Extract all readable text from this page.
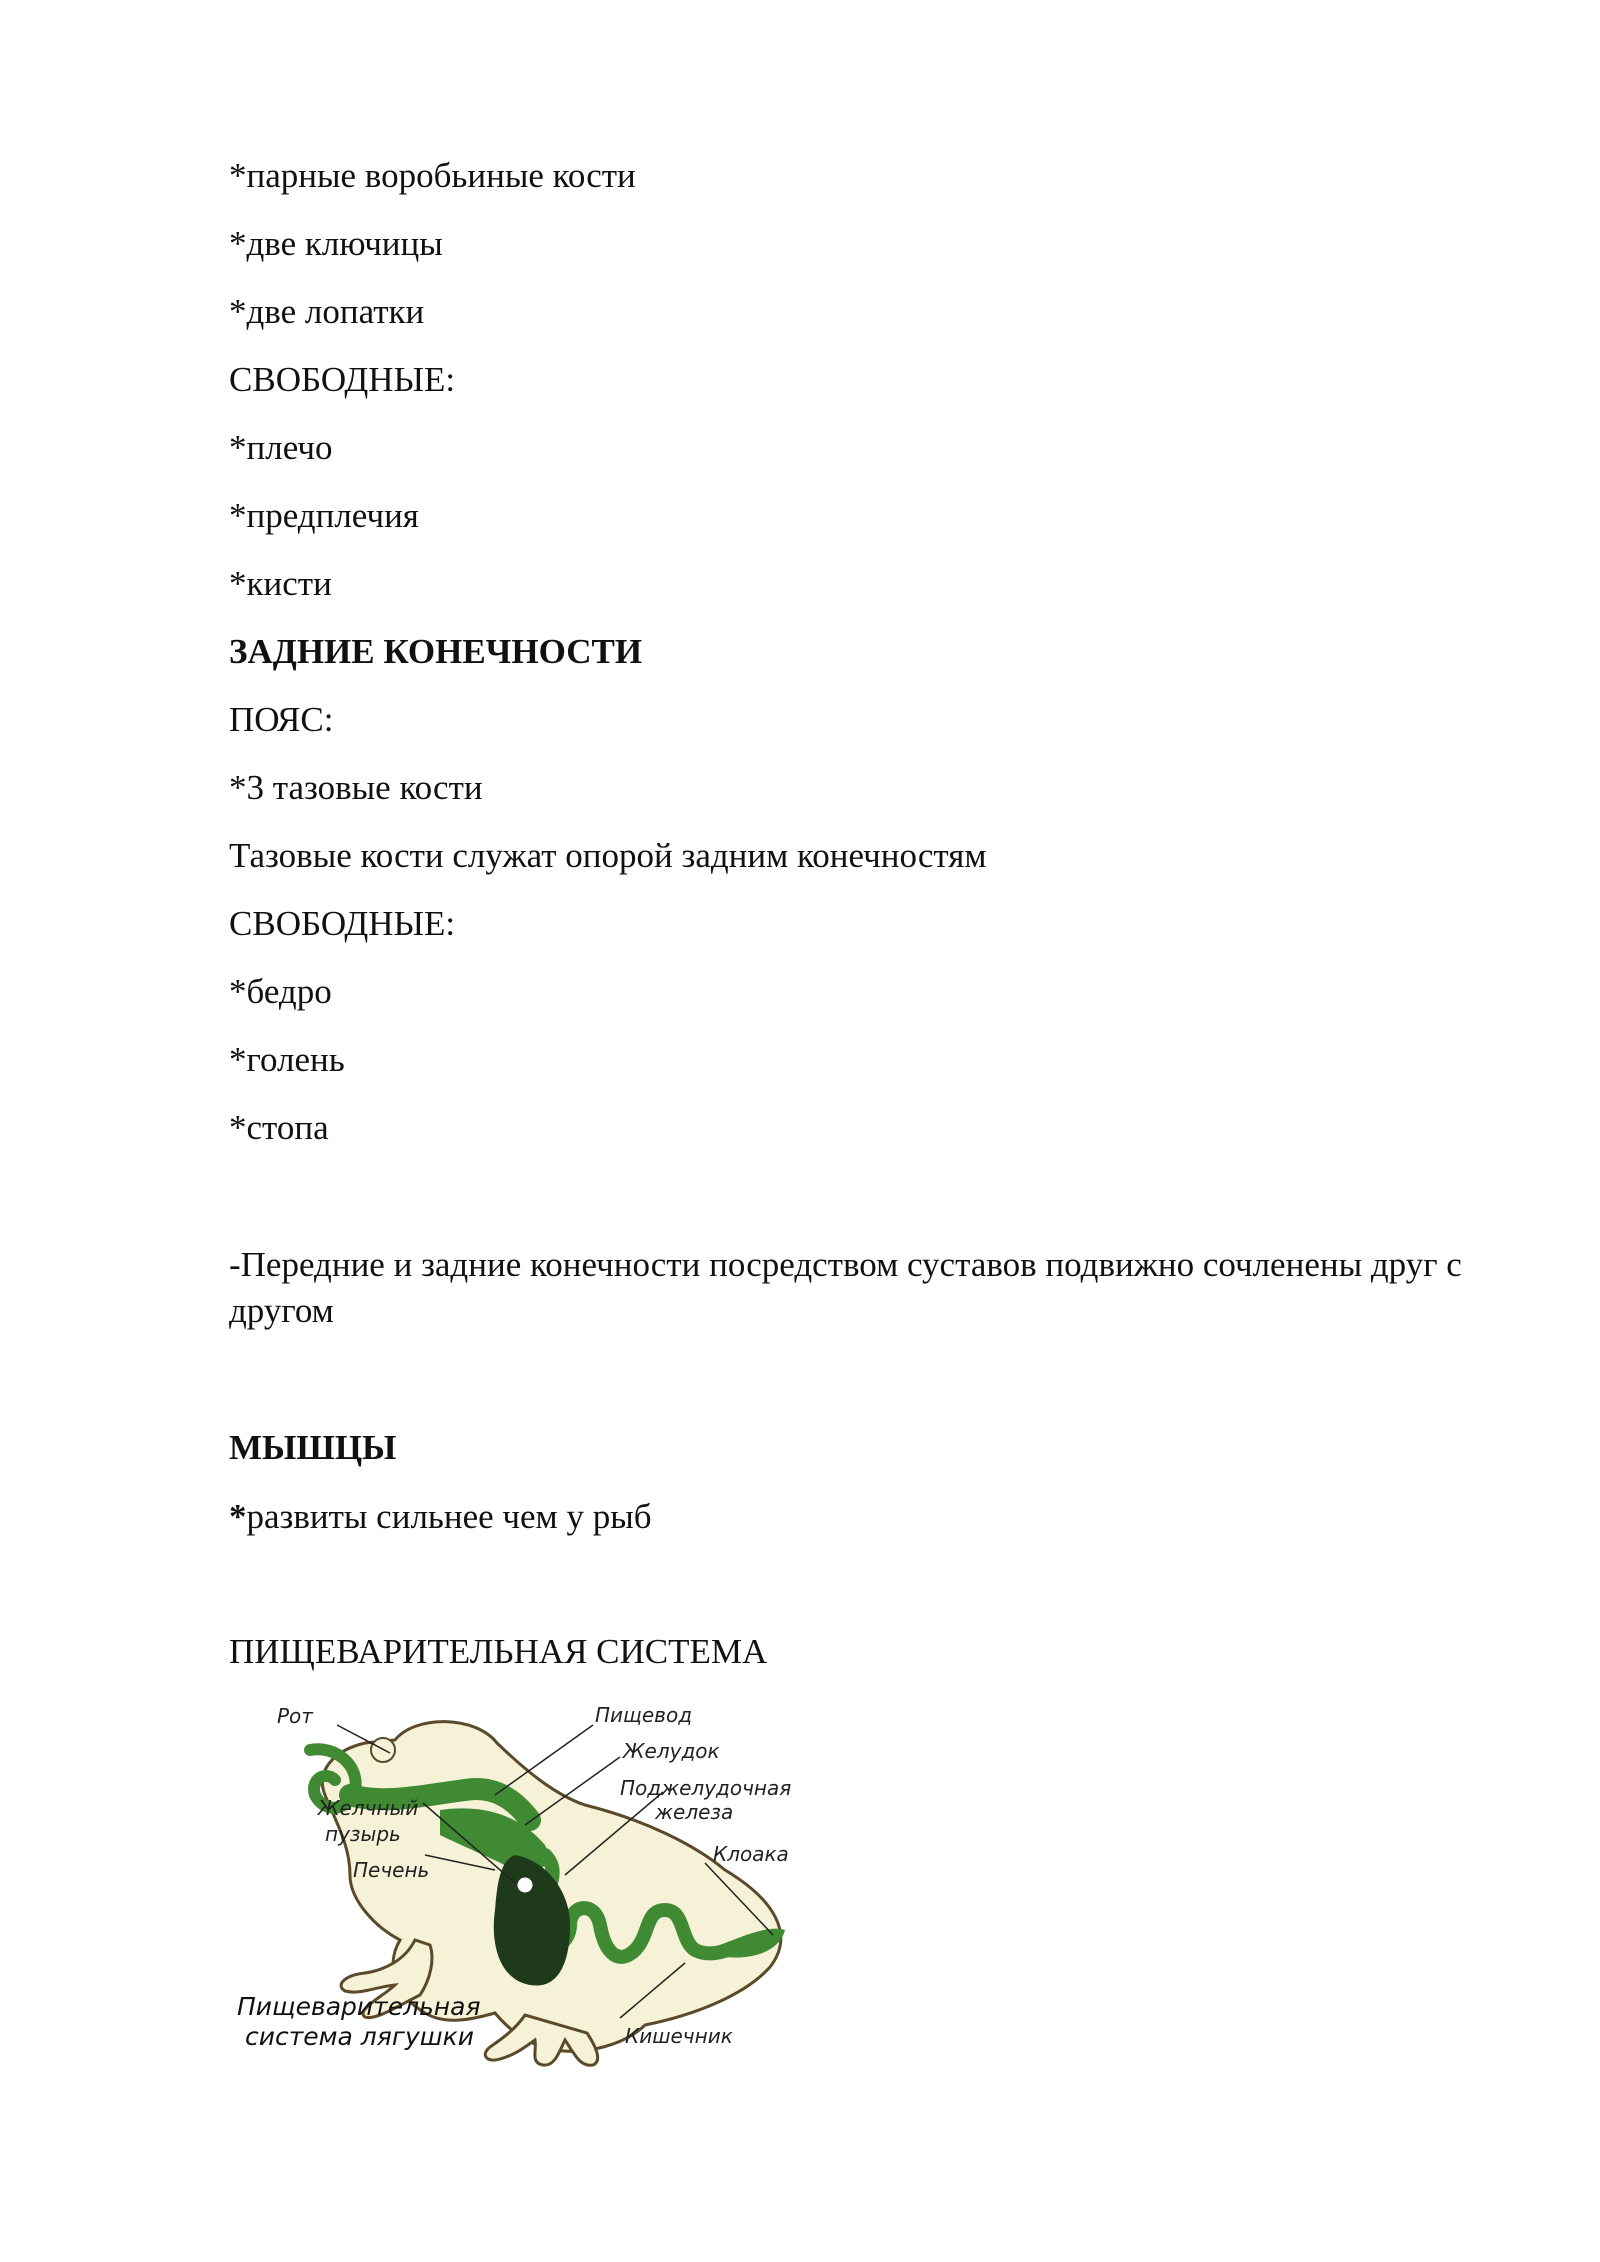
*парные воробьиные кости
*две ключицы
*две лопатки
СВОБОДНЫЕ:
*плечо
*предплечия
*кисти
ЗАДНИЕ КОНЕЧНОСТИ
ПОЯС:
*3 тазовые кости
Тазовые кости служат опорой задним конечностям
СВОБОДНЫЕ:
*бедро
*голень
*стопа
-Передние и задние конечности посредством суставов подвижно сочленены друг с другом
МЫШЦЫ
*развиты сильнее чем у рыб
ПИЩЕВАРИТЕЛЬНАЯ СИСТЕМА
Рот	Пищевод
Желудок
Поджелудочная
железа
Желчный
пузырь
Печень
Клоака
Кишечник
Пищеварительная
система лягушки
